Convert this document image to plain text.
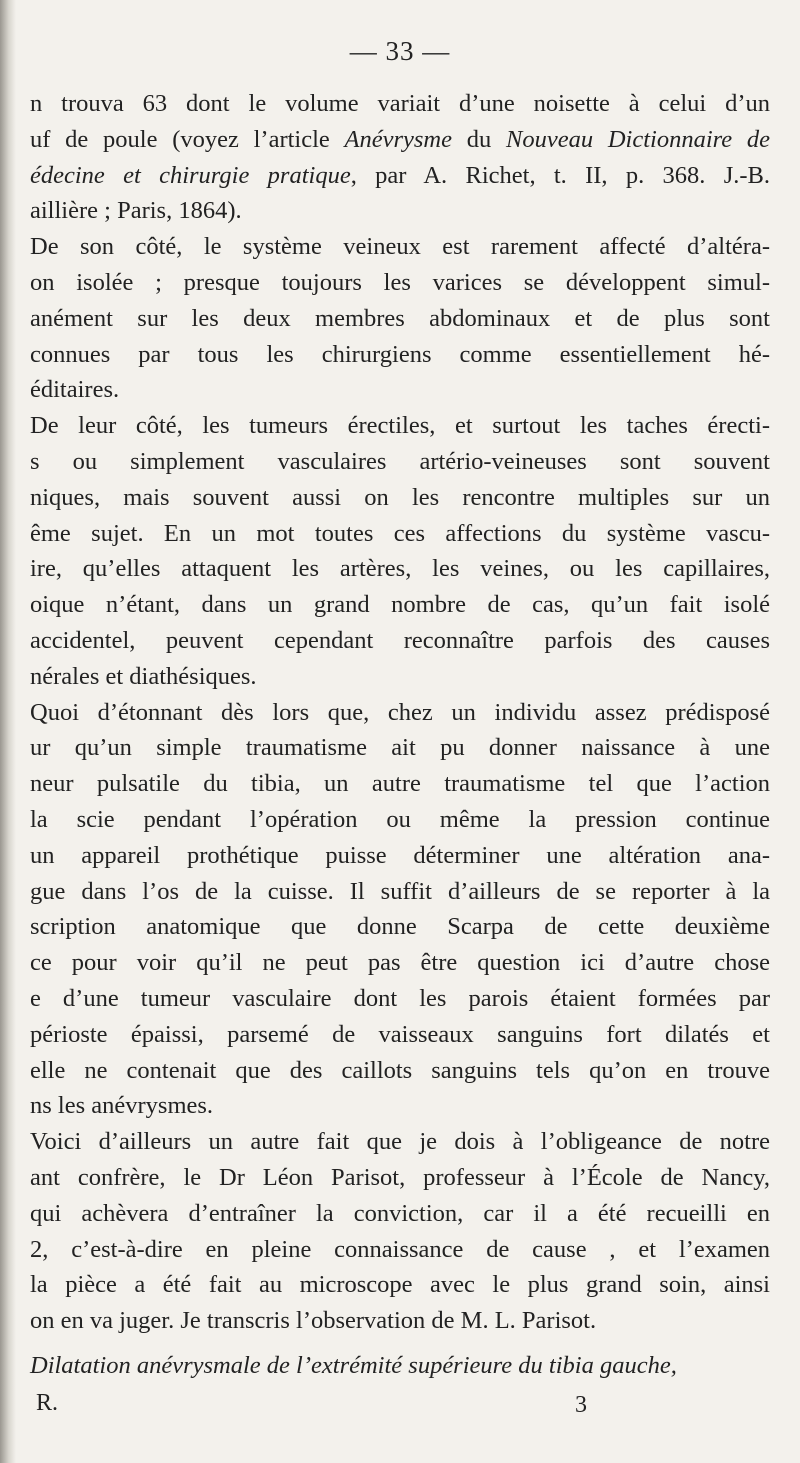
— 33 —
n trouva 63 dont le volume variait d’une noisette à celui d’un
uf de poule (voyez l’article Anévrysme du Nouveau Dictionnaire de
édecine et chirurgie pratique, par A. Richet, t. II, p. 368. J.-B.
aillière ; Paris, 1864).
De son côté, le système veineux est rarement affecté d’altéra-
on isolée ; presque toujours les varices se développent simul-
anément sur les deux membres abdominaux et de plus sont
connues par tous les chirurgiens comme essentiellement hé-
éditaires.
De leur côté, les tumeurs érectiles, et surtout les taches érecti-
s ou simplement vasculaires artério-veineuses sont souvent
niques, mais souvent aussi on les rencontre multiples sur un
ême sujet. En un mot toutes ces affections du système vascu-
ire, qu’elles attaquent les artères, les veines, ou les capillaires,
oique n’étant, dans un grand nombre de cas, qu’un fait isolé
accidentel, peuvent cependant reconnaître parfois des causes
nérales et diathésiques.
Quoi d’étonnant dès lors que, chez un individu assez prédisposé
ur qu’un simple traumatisme ait pu donner naissance à une
neur pulsatile du tibia, un autre traumatisme tel que l’action
la scie pendant l’opération ou même la pression continue
un appareil prothétique puisse déterminer une altération ana-
gue dans l’os de la cuisse. Il suffit d’ailleurs de se reporter à la
scription anatomique que donne Scarpa de cette deuxième
ce pour voir qu’il ne peut pas être question ici d’autre chose
e d’une tumeur vasculaire dont les parois étaient formées par
périoste épaissi, parsemé de vaisseaux sanguins fort dilatés et
elle ne contenait que des caillots sanguins tels qu’on en trouve
ns les anévrysmes.
Voici d’ailleurs un autre fait que je dois à l’obligeance de notre
ant confrère, le Dr Léon Parisot, professeur à l’École de Nancy,
qui achèvera d’entraîner la conviction, car il a été recueilli en
2, c’est-à-dire en pleine connaissance de cause , et l’examen
la pièce a été fait au microscope avec le plus grand soin, ainsi
on en va juger. Je transcris l’observation de M. L. Parisot.
Dilatation anévrysmale de l’extrémité supérieure du tibia gauche,
R.	3
